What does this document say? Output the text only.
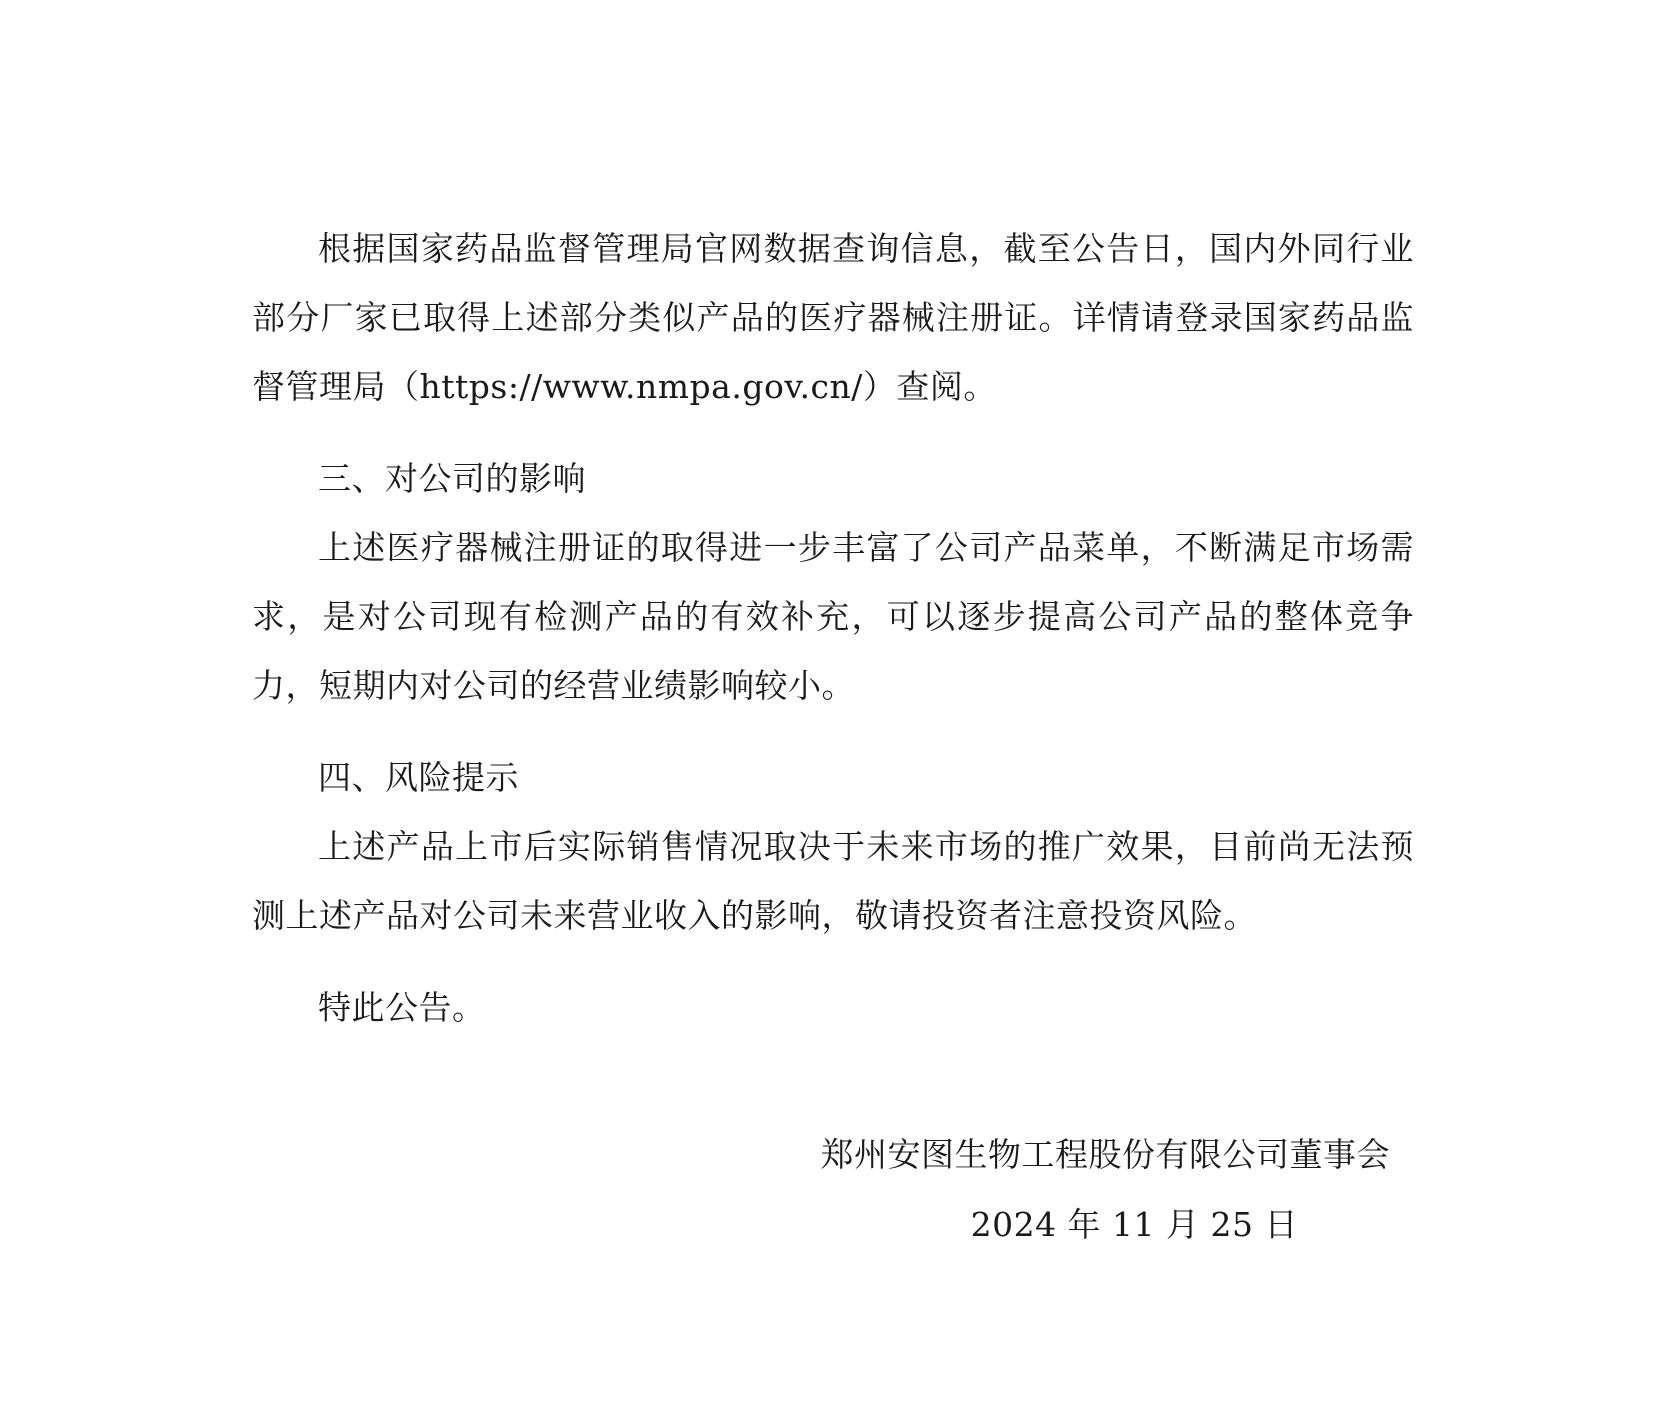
根据国家药品监督管理局官网数据查询信息，截至公告日，国内外同行业部分厂家已取得上述部分类似产品的医疗器械注册证。详情请登录国家药品监督管理局（https://www.nmpa.gov.cn/）查阅。

三、对公司的影响

上述医疗器械注册证的取得进一步丰富了公司产品菜单，不断满足市场需求，是对公司现有检测产品的有效补充，可以逐步提高公司产品的整体竞争力，短期内对公司的经营业绩影响较小。

四、风险提示

上述产品上市后实际销售情况取决于未来市场的推广效果，目前尚无法预测上述产品对公司未来营业收入的影响，敬请投资者注意投资风险。

特此公告。

郑州安图生物工程股份有限公司董事会
2024 年 11 月 25 日
